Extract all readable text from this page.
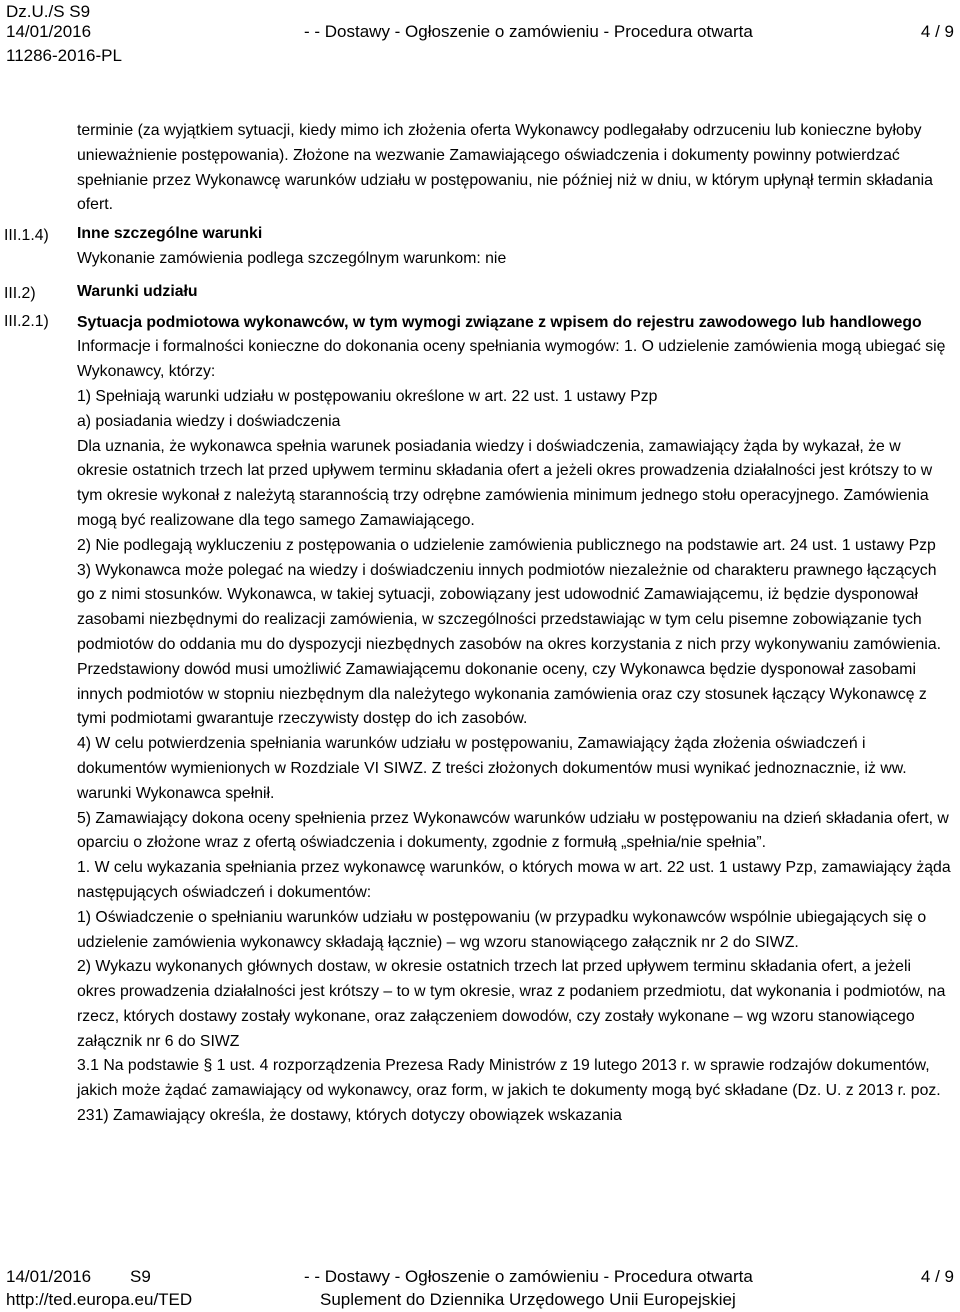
Dz.U./S S9
14/01/2016	- - Dostawy - Ogłoszenie o zamówieniu - Procedura otwarta	4 / 9
11286-2016-PL
III.1.4)
III.2)
III.2.1)

terminie (za wyjątkiem sytuacji, kiedy mimo ich złożenia oferta Wykonawcy podlegałaby odrzuceniu lub konieczne byłoby unieważnienie postępowania). Złożone na wezwanie Zamawiającego oświadczenia i dokumenty powinny potwierdzać spełnianie przez Wykonawcę warunków udziału w postępowaniu, nie później niż w dniu, w którym upłynął termin składania ofert.

Inne szczególne warunki

Wykonanie zamówienia podlega szczególnym warunkom: nie

Warunki udziału

Sytuacja podmiotowa wykonawców, w tym wymogi związane z wpisem do rejestru zawodowego lub handlowego

Informacje i formalności konieczne do dokonania oceny spełniania wymogów: 1. O udzielenie zamówienia mogą ubiegać się Wykonawcy, którzy:

1) Spełniają warunki udziału w postępowaniu określone w art. 22 ust. 1 ustawy Pzp

a) posiadania wiedzy i doświadczenia

Dla uznania, że wykonawca spełnia warunek posiadania wiedzy i doświadczenia, zamawiający żąda by wykazał, że w okresie ostatnich trzech lat przed upływem terminu składania ofert a jeżeli okres prowadzenia działalności jest krótszy to w tym okresie wykonał z należytą starannością trzy odrębne zamówienia minimum jednego stołu operacyjnego. Zamówienia mogą być realizowane dla tego samego Zamawiającego.

2) Nie podlegają wykluczeniu z postępowania o udzielenie zamówienia publicznego na podstawie art. 24 ust. 1 ustawy Pzp

3) Wykonawca może polegać na wiedzy i doświadczeniu innych podmiotów niezależnie od charakteru prawnego łączących go z nimi stosunków. Wykonawca, w takiej sytuacji, zobowiązany jest udowodnić Zamawiającemu, iż będzie dysponował zasobami niezbędnymi do realizacji zamówienia, w szczególności przedstawiając w tym celu pisemne zobowiązanie tych podmiotów do oddania mu do dyspozycji niezbędnych zasobów na okres korzystania z nich przy wykonywaniu zamówienia. Przedstawiony dowód musi umożliwić Zamawiającemu dokonanie oceny, czy Wykonawca będzie dysponował zasobami innych podmiotów w stopniu niezbędnym dla należytego wykonania zamówienia oraz czy stosunek łączący Wykonawcę z tymi podmiotami gwarantuje rzeczywisty dostęp do ich zasobów.

4) W celu potwierdzenia spełniania warunków udziału w postępowaniu, Zamawiający żąda złożenia oświadczeń i dokumentów wymienionych w Rozdziale VI SIWZ. Z treści złożonych dokumentów musi wynikać jednoznacznie, iż ww. warunki Wykonawca spełnił.

5) Zamawiający dokona oceny spełnienia przez Wykonawców warunków udziału w postępowaniu na dzień składania ofert, w oparciu o złożone wraz z ofertą oświadczenia i dokumenty, zgodnie z formułą „spełnia/nie spełnia”.

1. W celu wykazania spełniania przez wykonawcę warunków, o których mowa w art. 22 ust. 1 ustawy Pzp, zamawiający żąda następujących oświadczeń i dokumentów:

1) Oświadczenie o spełnianiu warunków udziału w postępowaniu (w przypadku wykonawców wspólnie ubiegających się o udzielenie zamówienia wykonawcy składają łącznie) – wg wzoru stanowiącego załącznik nr 2 do SIWZ.

2) Wykazu wykonanych głównych dostaw, w okresie ostatnich trzech lat przed upływem terminu składania ofert, a jeżeli okres prowadzenia działalności jest krótszy – to w tym okresie, wraz z podaniem przedmiotu, dat wykonania i podmiotów, na rzecz, których dostawy zostały wykonane, oraz załączeniem dowodów, czy zostały wykonane – wg wzoru stanowiącego załącznik nr 6 do SIWZ

3.1 Na podstawie § 1 ust. 4 rozporządzenia Prezesa Rady Ministrów z 19 lutego 2013 r. w sprawie rodzajów dokumentów, jakich może żądać zamawiający od wykonawcy, oraz form, w jakich te dokumenty mogą być składane (Dz. U. z 2013 r. poz. 231) Zamawiający określa, że dostawy, których dotyczy obowiązek wskazania

14/01/2016 S9	- - Dostawy - Ogłoszenie o zamówieniu - Procedura otwarta	4 / 9
http://ted.europa.eu/TED	Suplement do Dziennika Urzędowego Unii Europejskiej
